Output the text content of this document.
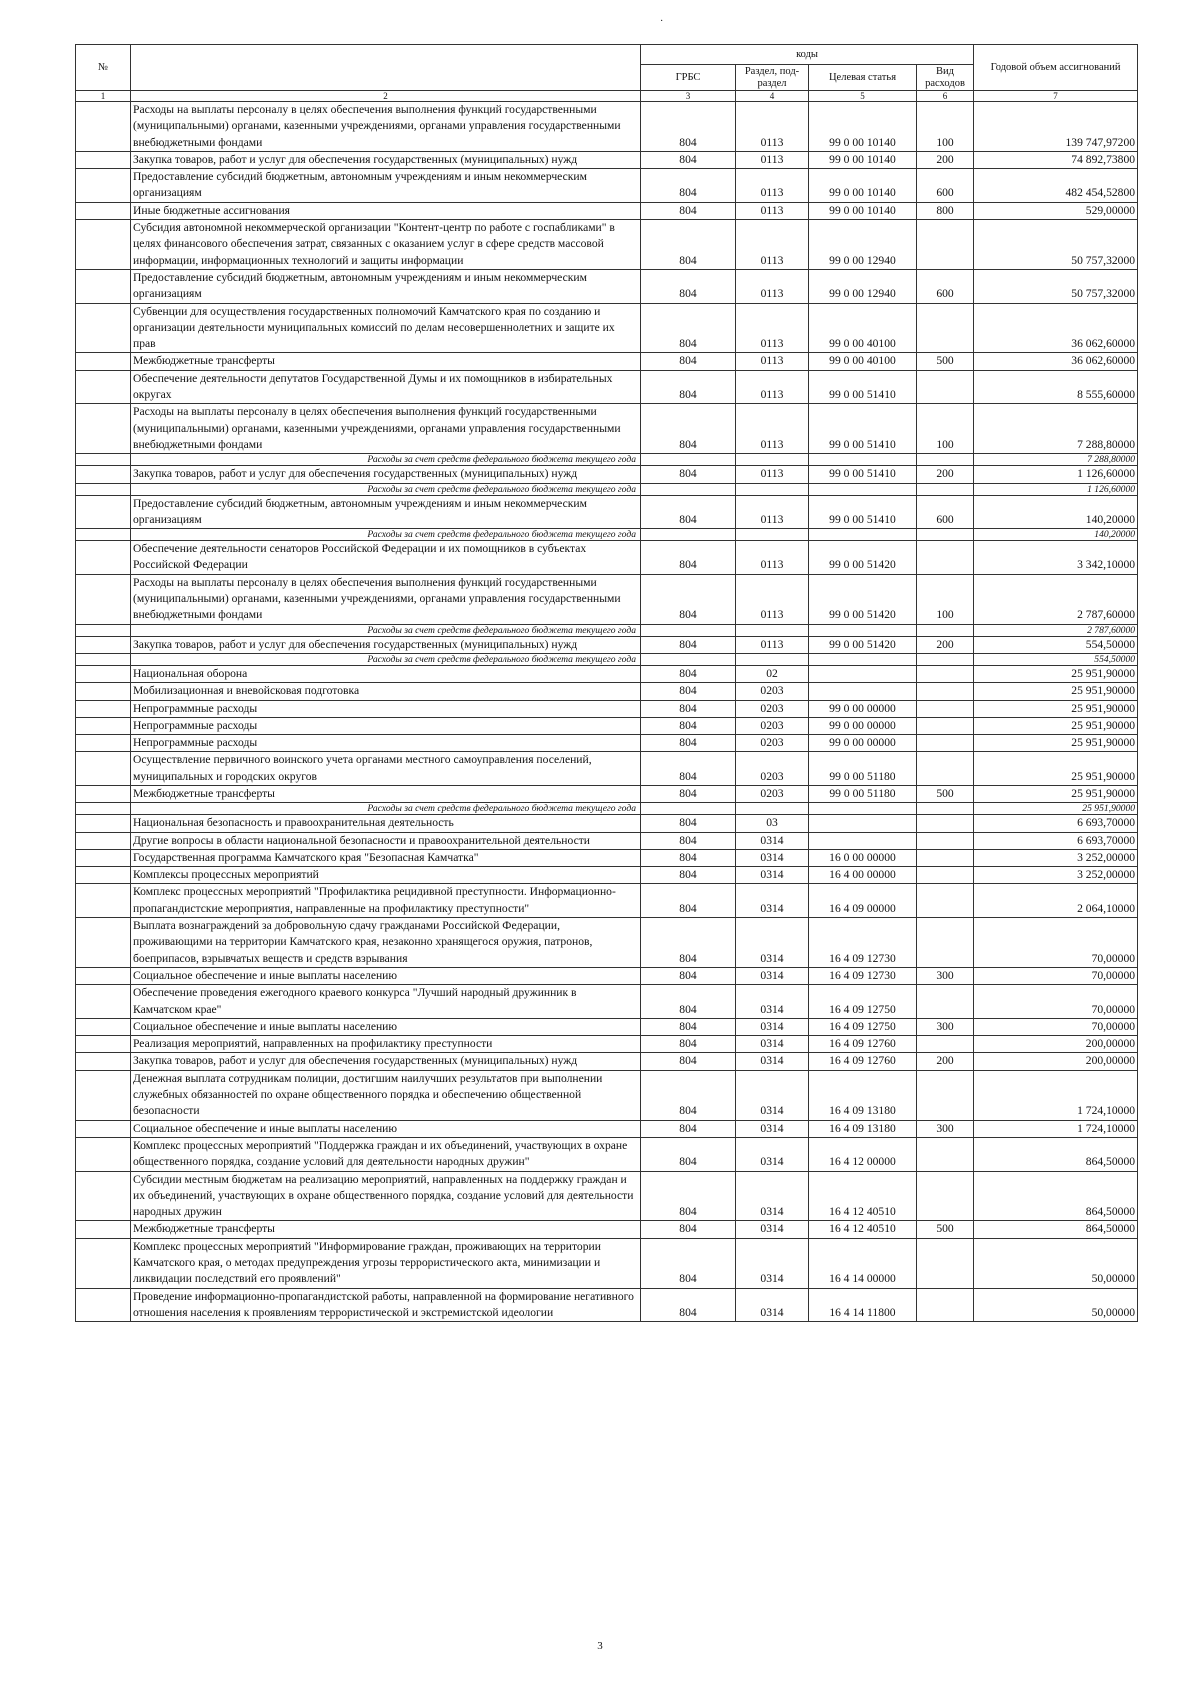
·
№		коды				Годовой объем ассигнований
		ГРБС	Раздел, под-раздел	Целевая статья	Вид расходов	
1	2	3	4	5	6	7
	Расходы на выплаты персоналу в целях обеспечения выполнения функций государственными (муниципальными) органами, казенными учреждениями, органами управления государственными внебюджетными фондами	804	0113	99 0 00 10140	100	139 747,97200
	Закупка товаров, работ и услуг для обеспечения государственных (муниципальных) нужд	804	0113	99 0 00 10140	200	74 892,73800
	Предоставление субсидий бюджетным, автономным учреждениям и иным некоммерческим организациям	804	0113	99 0 00 10140	600	482 454,52800
	Иные бюджетные ассигнования	804	0113	99 0 00 10140	800	529,00000
	Субсидия автономной некоммерческой организации "Контент-центр по работе с госпабликами" в целях финансового обеспечения затрат, связанных с оказанием услуг в сфере средств массовой информации, информационных технологий и защиты информации	804	0113	99 0 00 12940		50 757,32000
	Предоставление субсидий бюджетным, автономным учреждениям и иным некоммерческим организациям	804	0113	99 0 00 12940	600	50 757,32000
	Субвенции для осуществления государственных полномочий Камчатского края по созданию и организации деятельности муниципальных комиссий по делам несовершеннолетних и защите их прав	804	0113	99 0 00 40100		36 062,60000
	Межбюджетные трансферты	804	0113	99 0 00 40100	500	36 062,60000
	Обеспечение деятельности депутатов Государственной Думы и их помощников в избирательных округах	804	0113	99 0 00 51410		8 555,60000
	Расходы на выплаты персоналу в целях обеспечения выполнения функций государственными (муниципальными) органами, казенными учреждениями, органами управления государственными внебюджетными фондами	804	0113	99 0 00 51410	100	7 288,80000
	Расходы за счет средств федерального бюджета текущего года					7 288,80000
	Закупка товаров, работ и услуг для обеспечения государственных (муниципальных) нужд	804	0113	99 0 00 51410	200	1 126,60000
	Расходы за счет средств федерального бюджета текущего года					1 126,60000
	Предоставление субсидий бюджетным, автономным учреждениям и иным некоммерческим организациям	804	0113	99 0 00 51410	600	140,20000
	Расходы за счет средств федерального бюджета текущего года					140,20000
	Обеспечение деятельности сенаторов Российской Федерации и их помощников в субъектах Российской Федерации	804	0113	99 0 00 51420		3 342,10000
	Расходы на выплаты персоналу в целях обеспечения выполнения функций государственными (муниципальными) органами, казенными учреждениями, органами управления государственными внебюджетными фондами	804	0113	99 0 00 51420	100	2 787,60000
	Расходы за счет средств федерального бюджета текущего года					2 787,60000
	Закупка товаров, работ и услуг для обеспечения государственных (муниципальных) нужд	804	0113	99 0 00 51420	200	554,50000
	Расходы за счет средств федерального бюджета текущего года					554,50000
	Национальная оборона	804	02			25 951,90000
	Мобилизационная и вневойсковая подготовка	804	0203			25 951,90000
	Непрограммные расходы	804	0203	99 0 00 00000		25 951,90000
	Непрограммные расходы	804	0203	99 0 00 00000		25 951,90000
	Непрограммные расходы	804	0203	99 0 00 00000		25 951,90000
	Осуществление первичного воинского учета органами местного самоуправления поселений, муниципальных и городских округов	804	0203	99 0 00 51180		25 951,90000
	Межбюджетные трансферты	804	0203	99 0 00 51180	500	25 951,90000
	Расходы за счет средств федерального бюджета текущего года					25 951,90000
	Национальная безопасность и правоохранительная деятельность	804	03			6 693,70000
	Другие вопросы в области национальной безопасности и правоохранительной деятельности	804	0314			6 693,70000
	Государственная программа Камчатского края "Безопасная Камчатка"	804	0314	16 0 00 00000		3 252,00000
	Комплексы процессных мероприятий	804	0314	16 4 00 00000		3 252,00000
	Комплекс процессных мероприятий "Профилактика рецидивной преступности. Информационно-пропагандистские мероприятия, направленные на профилактику преступности"	804	0314	16 4 09 00000		2 064,10000
	Выплата вознаграждений за добровольную сдачу гражданами Российской Федерации, проживающими на территории Камчатского края, незаконно хранящегося оружия, патронов, боеприпасов, взрывчатых веществ и средств взрывания	804	0314	16 4 09 12730		70,00000
	Социальное обеспечение и иные выплаты населению	804	0314	16 4 09 12730	300	70,00000
	Обеспечение проведения ежегодного краевого конкурса "Лучший народный дружинник в Камчатском крае"	804	0314	16 4 09 12750		70,00000
	Социальное обеспечение и иные выплаты населению	804	0314	16 4 09 12750	300	70,00000
	Реализация мероприятий, направленных на профилактику преступности	804	0314	16 4 09 12760		200,00000
	Закупка товаров, работ и услуг для обеспечения государственных (муниципальных) нужд	804	0314	16 4 09 12760	200	200,00000
	Денежная выплата сотрудникам полиции, достигшим наилучших результатов при выполнении служебных обязанностей по охране общественного порядка и обеспечению общественной безопасности	804	0314	16 4 09 13180		1 724,10000
	Социальное обеспечение и иные выплаты населению	804	0314	16 4 09 13180	300	1 724,10000
	Комплекс процессных мероприятий "Поддержка граждан и их объединений, участвующих в охране общественного порядка, создание условий для деятельности народных дружин"	804	0314	16 4 12 00000		864,50000
	Субсидии местным бюджетам на реализацию мероприятий, направленных на поддержку граждан и их объединений, участвующих в охране общественного порядка, создание условий для деятельности народных дружин	804	0314	16 4 12 40510		864,50000
	Межбюджетные трансферты	804	0314	16 4 12 40510	500	864,50000
	Комплекс процессных мероприятий "Информирование граждан, проживающих на территории Камчатского края, о методах предупреждения угрозы террористического акта, минимизации и ликвидации последствий его проявлений"	804	0314	16 4 14 00000		50,00000
	Проведение информационно-пропагандистской работы, направленной на формирование негативного отношения населения к проявлениям террористической и экстремистской идеологии	804	0314	16 4 14 11800		50,00000
3
